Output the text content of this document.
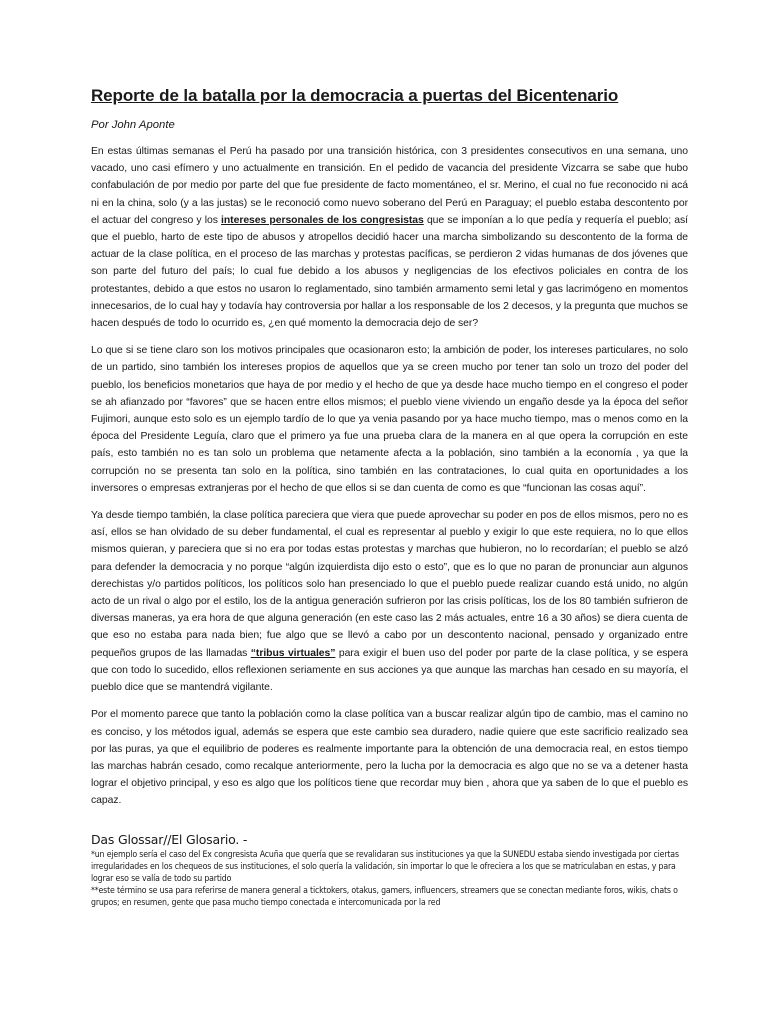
Reporte de la batalla por la democracia a puertas del Bicentenario

Por John Aponte

En estas últimas semanas el Perú ha pasado por una transición histórica, con 3 presidentes consecutivos en una semana, uno vacado, uno casi efímero y uno actualmente en transición. En el pedido de vacancia del presidente Vizcarra se sabe que hubo confabulación de por medio por parte del que fue presidente de facto momentáneo, el sr. Merino, el cual no fue reconocido ni acá ni en la china, solo (y a las justas) se le reconoció como nuevo soberano del Perú en Paraguay; el pueblo estaba descontento por el actuar del congreso y los intereses personales de los congresistas que se imponían a lo que pedía y requería el pueblo; así que el pueblo, harto de este tipo de abusos y atropellos decidió hacer una marcha simbolizando su descontento de la forma de actuar de la clase política, en el proceso de las marchas y protestas pacíficas, se perdieron 2 vidas humanas de dos jóvenes que son parte del futuro del país; lo cual fue debido a los abusos y negligencias de los efectivos policiales en contra de los protestantes, debido a que estos no usaron lo reglamentado, sino también armamento semi letal y gas lacrimógeno en momentos innecesarios, de lo cual hay y todavía hay controversia por hallar a los responsable de los 2 decesos, y la pregunta que muchos se hacen después de todo lo ocurrido es, ¿en qué momento la democracia dejo de ser?

Lo que si se tiene claro son los motivos principales que ocasionaron esto; la ambición de poder, los intereses particulares, no solo de un partido, sino también los intereses propios de aquellos que ya se creen mucho por tener tan solo un trozo del poder del pueblo, los beneficios monetarios que haya de por medio y el hecho de que ya desde hace mucho tiempo en el congreso el poder se ah afianzado por “favores” que se hacen entre ellos mismos; el pueblo viene viviendo un engaño desde ya la época del señor Fujimori, aunque esto solo es un ejemplo tardío de lo que ya venia pasando por ya hace mucho tiempo, mas o menos como en la época del Presidente Leguía, claro que el primero ya fue una prueba clara de la manera en al que opera la corrupción en este país, esto también no es tan solo un problema que netamente afecta a la población, sino también a la economía , ya que la corrupción no se presenta tan solo en la política, sino también en las contrataciones, lo cual quita en oportunidades a los inversores o empresas extranjeras por el hecho de que ellos si se dan cuenta de como es que “funcionan las cosas aquí”.

Ya desde tiempo también, la clase política pareciera que viera que puede aprovechar su poder en pos de ellos mismos, pero no es así, ellos se han olvidado de su deber fundamental, el cual es representar al pueblo y exigir lo que este requiera, no lo que ellos mismos quieran, y pareciera que si no era por todas estas protestas y marchas que hubieron, no lo recordarían; el pueblo se alzó para defender la democracia y no porque “algún izquierdista dijo esto o esto”, que es lo que no paran de pronunciar aun algunos derechistas y/o partidos políticos, los políticos solo han presenciado lo que el pueblo puede realizar cuando está unido, no algún acto de un rival o algo por el estilo, los de la antigua generación sufrieron por las crisis políticas, los de los 80 también sufrieron de diversas maneras, ya era hora de que alguna generación (en este caso las 2 más actuales, entre 16 a 30 años) se diera cuenta de que eso no estaba para nada bien; fue algo que se llevó a cabo por un descontento nacional, pensado y organizado entre pequeños grupos de las llamadas “tribus virtuales” para exigir el buen uso del poder por parte de la clase política, y se espera que con todo lo sucedido, ellos reflexionen seriamente en sus acciones ya que aunque las marchas han cesado en su mayoría, el pueblo dice que se mantendrá vigilante.

Por el momento parece que tanto la población como la clase política van a buscar realizar algún tipo de cambio, mas el camino no es conciso, y los métodos igual, además se espera que este cambio sea duradero, nadie quiere que este sacrificio realizado sea por las puras, ya que el equilibrio de poderes es realmente importante para la obtención de una democracia real, en estos tiempo las marchas habrán cesado, como recalque anteriormente, pero la lucha por la democracia es algo que no se va a detener hasta lograr el objetivo principal, y eso es algo que los políticos tiene que recordar muy bien , ahora que ya saben de lo que el pueblo es capaz.

Das Glossar//El Glosario. -

*un ejemplo sería el caso del Ex congresista Acuña que quería que se revalidaran sus instituciones ya que la SUNEDU estaba siendo investigada por ciertas irregularidades en los chequeos de sus instituciones, el solo quería la validación, sin importar lo que le ofreciera a los que se matriculaban en estas, y para lograr eso se valía de todo su partido

**este término se usa para referirse de manera general a ticktokers, otakus, gamers, influencers, streamers que se conectan mediante foros, wikis, chats o grupos; en resumen, gente que pasa mucho tiempo conectada e intercomunicada por la red
